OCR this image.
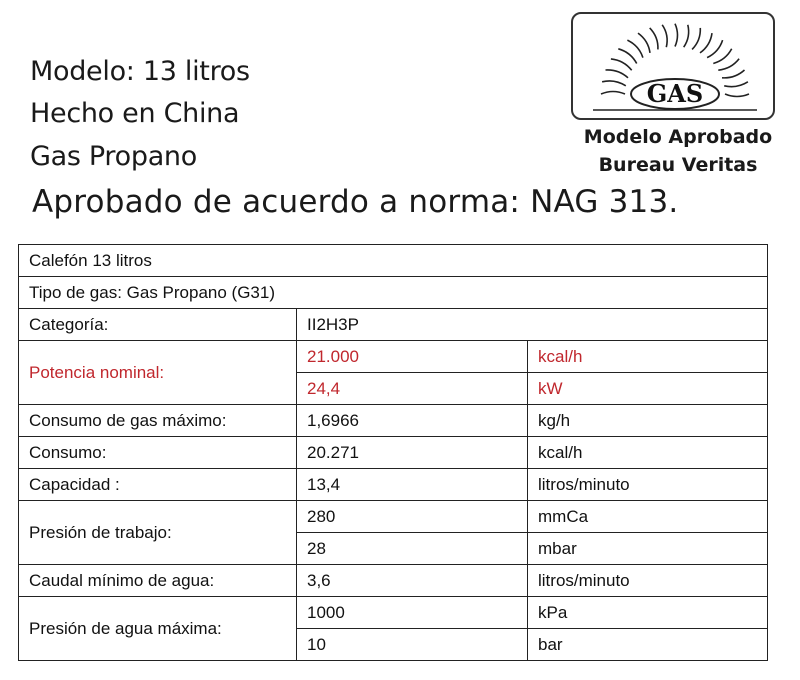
Modelo: 13 litros
Hecho en China
Gas Propano
Aprobado de acuerdo a norma: NAG 313.
GAS
Modelo Aprobado
Bureau Veritas
Calefón 13 litros		
Tipo de gas: Gas Propano (G31)		
Categoría:	II2H3P	
Potencia nominal:	21.000	kcal/h
	24,4	kW
Consumo de gas máximo:	1,6966	kg/h
Consumo:	20.271	kcal/h
Capacidad :	13,4	litros/minuto
Presión de trabajo:	280	mmCa
	28	mbar
Caudal mínimo de agua:	3,6	litros/minuto
Presión de agua máxima:	1000	kPa
	10	bar
